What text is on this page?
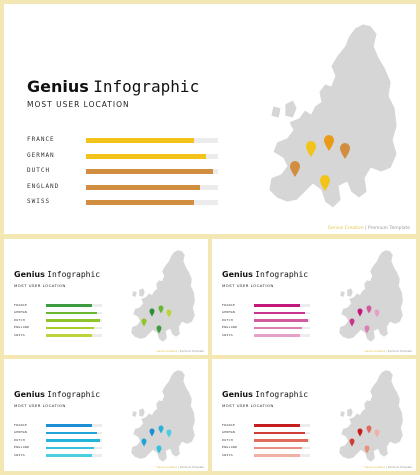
Genius Infographic
MOST USER LOCATION
Genius Creative | Premium Template
FRANCE
GERMAN
DUTCH
ENGLAND
SWISS
Genius Infographic
MOST USER LOCATION
Genius Creative | Premium Template
FRANCE
GERMAN
DUTCH
ENGLAND
SWISS
Genius Infographic
MOST USER LOCATION
Genius Creative | Premium Template
FRANCE
GERMAN
DUTCH
ENGLAND
SWISS
Genius Infographic
MOST USER LOCATION
Genius Creative | Premium Template
FRANCE
GERMAN
DUTCH
ENGLAND
SWISS
Genius Infographic
MOST USER LOCATION
Genius Creative | Premium Template
FRANCE
GERMAN
DUTCH
ENGLAND
SWISS
